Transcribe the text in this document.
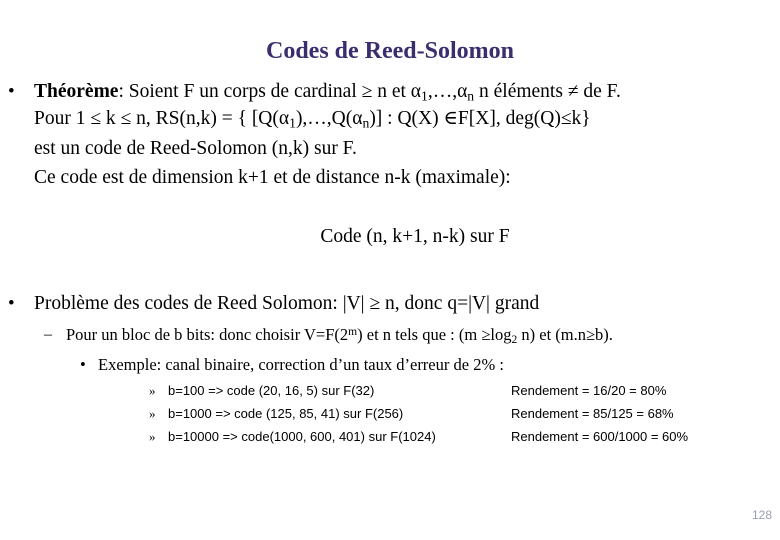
Codes de Reed-Solomon
• Théorème: Soient F un corps de cardinal ≥ n et $\alpha_1,\dots,\alpha_n$ n éléments ≠ de F.
Pour 1 ≤ k ≤ n, RS(n,k) = { $[Q(\alpha_1),\dots,Q(\alpha_n)]$ : Q(X) ∈F[X], deg(Q)≤k}
est un code de Reed-Solomon (n,k) sur F.
Ce code est de dimension k+1 et de distance n-k (maximale):
Code (n, k+1, n-k) sur F
• Problème des codes de Reed Solomon: |V| ≥ n, donc q=|V| grand
– Pour un bloc de b bits: donc choisir $V=F(2^m)$ et n tels que : ($m \ge\log_2$ n) et (m.n≥b).
• Exemple: canal binaire, correction d’un taux d’erreur de 2% :
» b=100 => code (20, 16, 5) sur F(32)	Rendement = 16/20 = 80%
» b=1000 => code (125, 85, 41) sur F(256)	Rendement = 85/125 = 68%
» b=10000 => code(1000, 600, 401) sur F(1024)	Rendement = 600/1000 = 60%
128
